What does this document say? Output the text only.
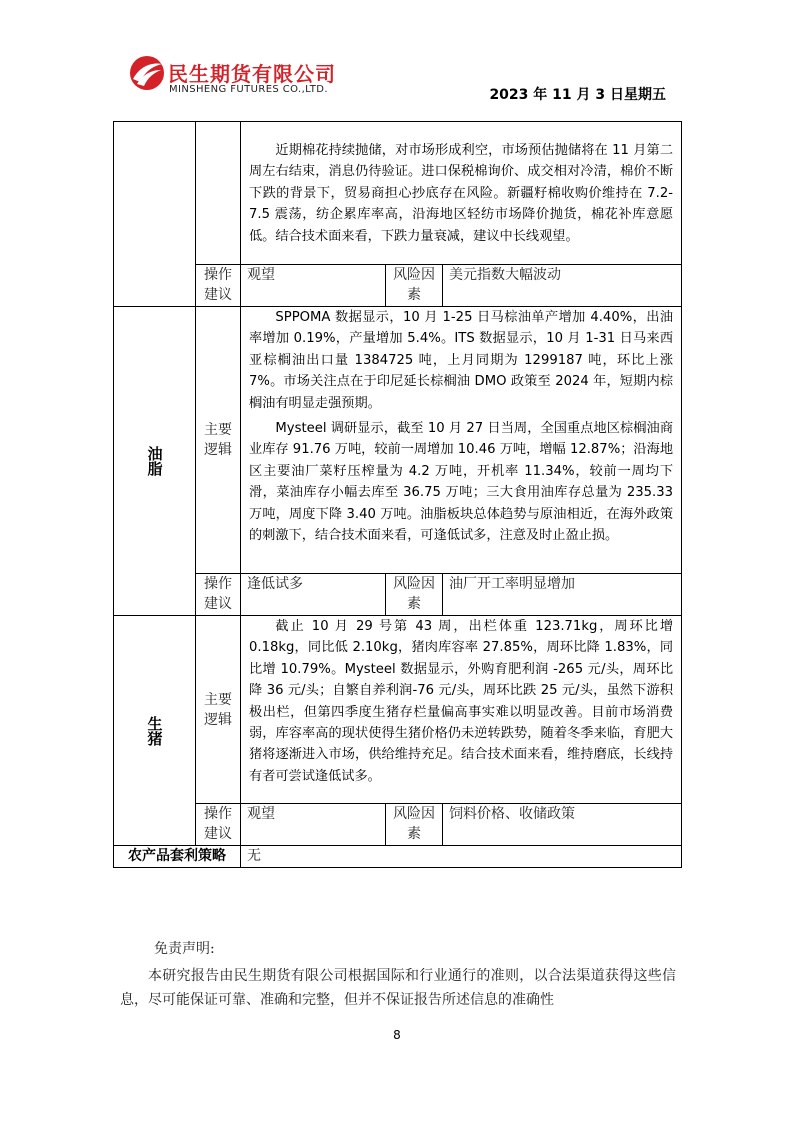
民生期货有限公司
MINSHENG FUTURES CO.,LTD.	2023 年 11 月 3 日星期五

		近期棉花持续抛储，对市场形成利空，市场预估抛储将在 11 月第二周左右结束，消息仍待验证。进口保税棉询价、成交相对冷清，棉价不断下跌的背景下，贸易商担心抄底存在风险。新疆籽棉收购价维持在 7.2-7.5 震荡，纺企累库率高，沿海地区轻纺市场降价抛货，棉花补库意愿低。结合技术面来看，下跌力量衰减，建议中长线观望。		

	操作建议	观望	风险因素	美元指数大幅波动
油脂	主要逻辑	SPPOMA 数据显示，10 月 1-25 日马棕油单产增加 4.40%，出油率增加 0.19%，产量增加 5.4%。ITS 数据显示，10 月 1-31 日马来西亚棕榈油出口量 1384725 吨，上月同期为 1299187 吨，环比上涨 7%。市场关注点在于印尼延长棕榈油 DMO 政策至 2024 年，短期内棕榈油有明显走强预期。

Mysteel 调研显示，截至 10 月 27 日当周，全国重点地区棕榈油商业库存 91.76 万吨，较前一周增加 10.46 万吨，增幅 12.87%；沿海地区主要油厂菜籽压榨量为 4.2 万吨，开机率 11.34%，较前一周均下滑，菜油库存小幅去库至 36.75 万吨；三大食用油库存总量为 235.33 万吨，周度下降 3.40 万吨。油脂板块总体趋势与原油相近，在海外政策的刺激下，结合技术面来看，可逢低试多，注意及时止盈止损。		

	操作建议	逢低试多	风险因素	油厂开工率明显增加
生猪	主要逻辑	截止 10 月 29 号第 43 周，出栏体重 123.71kg，周环比增 0.18kg，同比低 2.10kg，猪肉库容率 27.85%，周环比降 1.83%，同比增 10.79%。Mysteel 数据显示，外购育肥利润 -265 元/头，周环比降 36 元/头；自繁自养利润-76 元/头，周环比跌 25 元/头，虽然下游积极出栏，但第四季度生猪存栏量偏高事实难以明显改善。目前市场消费弱，库容率高的现状使得生猪价格仍未逆转跌势，随着冬季来临，育肥大猪将逐渐进入市场，供给维持充足。结合技术面来看，维持磨底，长线持有者可尝试逢低试多。		

	操作建议	观望	风险因素	饲料价格、收储政策
农产品套利策略		无		
免责声明:
本研究报告由民生期货有限公司根据国际和行业通行的准则，以合法渠道获得这些信息，尽可能保证可靠、准确和完整，但并不保证报告所述信息的准确性
8
